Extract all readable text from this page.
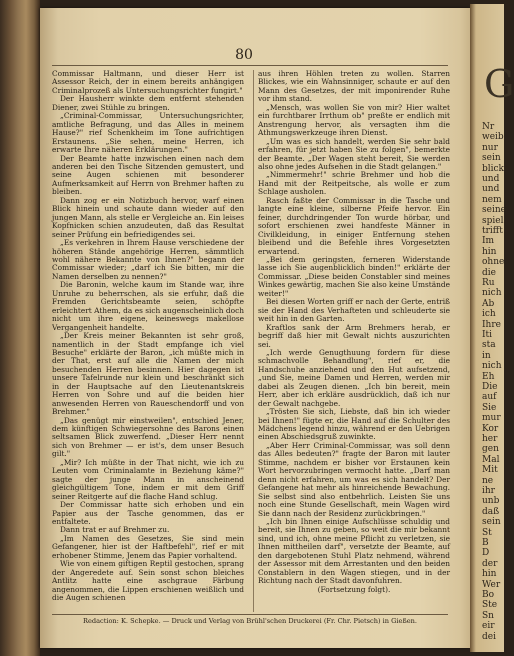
G
Nr
weib
nur
sein
blick
und
und
nem
seine
spiel
trifft
Im
hin
ohne
die
Ru
nich
Ab
ich
Ihre
Iti
sta
in
nich
Eh
Die
auf
Sie
mur
Kor
her
gen
Mal
Mit
ne
ihr
unb
daß
sein
St
B
D
der
hin
Wer
Bo
Ste
Sn
eir
dei
80

Commissar Haltmann, und dieser Herr ist Assessor Reich, der in einem bereits anhängigen Criminalprozeß als Untersuchungsrichter fungirt."

Der Hausherr winkte dem entfernt stehenden Diener, zwei Stühle zu bringen.

„Criminal-Commissar, Untersuchungsrichter, amtliche Befragung, und das Alles in meinem Hause?" rief Schenkheim im Tone aufrichtigen Erstaunens. „Sie sehen, meine Herren, ich erwarte Ihre näheren Erklärungen."

Der Beamte hatte inzwischen einen nach dem anderen bei den Tische Sitzenden gemustert, und seine Augen schienen mit besonderer Aufmerksamkeit auf Herrn von Brehmer haften zu bleiben.

Dann zog er ein Notizbuch hervor, warf einen Blick hinein und schaute dann wieder auf den jungen Mann, als stelle er Vergleiche an. Ein leises Kopfnicken schien anzudeuten, daß das Resultat seiner Prüfung ein befriedigendes sei.

„Es verkehren in Ihrem Hause verschiedene der höheren Stände angehörige Herren, sämmtlich wohl nähere Bekannte von Ihnen?" begann der Commissar wieder; „darf ich Sie bitten, mir die Namen derselben zu nennen?"

Die Baronin, welche kaum im Stande war, ihre Unruhe zu beherrschen, als sie erfuhr, daß die Fremden Gerichtsbeamte seien, schöpfte erleichtert Athem, da es sich augenscheinlich doch nicht um ihre eigene, keineswegs makellose Vergangenheit handelte.

„Der Kreis meiner Bekannten ist sehr groß, namentlich in der Stadt empfange ich viel Besuche" erklärte der Baron, „ich müßte mich in der That, erst auf alle die Namen der mich besuchenden Herren besinnen. Hier dagegen ist unsere Tafelrunde nur klein und beschränkt sich in der Hauptsache auf den Lieutenantskreis Herren von Sohre und auf die beiden hier anwesenden Herren von Raueschendorff und von Brehmer."

„Das genügt mir einstweilen", entschied Jener, dem künftigen Schwiegersohne des Barons einen seltsamen Blick zuwerfend. „Dieser Herr nennt sich von Brehmer — er ist's, dem unser Besuch gilt."

„Mir? Ich müßte in der That nicht, wie ich zu Leuten vom Criminalamte in Beziehung käme?" sagte der junge Mann in anscheinend gleichgültigem Tone, indem er mit dem Griff seiner Reitgerte auf die flache Hand schlug.

Der Commissar hatte sich erhoben und ein Papier aus der Tasche genommen, das er entfaltete.

Dann trat er auf Brehmer zu.

„Im Namen des Gesetzes, Sie sind mein Gefangener, hier ist der Haftbefehl", rief er mit erhobener Stimme, Jenem das Papier vorhaltend.

Wie von einem giftigen Reptil gestochen, sprang der Angeredete auf. Sein sonst schon bleiches Antlitz hatte eine aschgraue Färbung angenommen, die Lippen erschienen weißlich und die Augen schienen

aus ihren Höhlen treten zu wollen. Starren Blickes, wie ein Wahnsinniger, schaute er auf den Mann des Gesetzes, der mit imponirender Ruhe vor ihm stand.

„Mensch, was wollen Sie von mir? Hier waltet ein furchtbarer Irrthum ob" preßte er endlich mit Anstrengung hervor, als versagten ihm die Athmungswerkzeuge ihren Dienst.

„Um was es sich handelt, werden Sie sehr bald erfahren, für jetzt haben Sie zu folgen", bemerkte der Beamte. „Der Wagen steht bereit, Sie werden also ohne jedes Aufsehen in die Stadt gelangen."

„Nimmermehr!" schrie Brehmer und hob die Hand mit der Reitpeitsche, als wolle er zum Schlage ausholen.

Rasch faßte der Commissar in die Tasche und langte eine kleine, silberne Pfeife hervor. Ein feiner, durchdringender Ton wurde hörbar, und sofort erschienen zwei handfeste Männer in Civilkleidung, in einiger Entfernung stehen bleibend und die Befehle ihres Vorgesetzten erwartend.

„Bei dem geringsten, ferneren Widerstande lasse ich Sie augenblicklich binden!" erklärte der Commissar. „Diese beiden Constabler sind meines Winkes gewärtig, machen Sie also keine Umstände weiter!"

Bei diesen Worten griff er nach der Gerte, entriß sie der Hand des Verhafteten und schleuderte sie weit hin in den Garten.

Kraftlos sank der Arm Brehmers herab, er begriff daß hier mit Gewalt nichts auszurichten sei.

„Ich werde Genugthuung fordern für diese schmachvolle Behandlung", rief er, die Handschuhe anziehend und den Hut aufsetzend, „und Sie, meine Damen und Herren, werden mir dabei als Zeugen dienen. „Ich bin bereit, mein Herr, aber ich erkläre ausdrücklich, daß ich nur der Gewalt nachgebe.

„Trösten Sie sich, Liebste, daß bin ich wieder bei Ihnen!" fügte er, die Hand auf die Schulter des Mädchens legend hinzu, während er den Uebrigen einen Abschiedsgruß zuwinkte.

„Aber Herr Criminal-Commissar, was soll denn das Alles bedeuten?" fragte der Baron mit lauter Stimme, nachdem er bisher vor Erstaunen kein Wort hervorzubringen vermocht hatte. „Darf man denn nicht erfahren, um was es sich handelt? Der Gefangene hat mehr als hinreichende Bewachung. Sie selbst sind also entbehrlich. Leisten Sie uns noch eine Stunde Gesellschaft, mein Wagen wird Sie dann nach der Residenz zurückbringen."

„Ich bin Ihnen einige Aufschlüsse schuldig und bereit, sie Ihnen zu geben, so weit die mir bekannt sind, und ich, ohne meine Pflicht zu verletzen, sie Ihnen mittheilen darf", versetzte der Beamte, auf den dargebotenen Stuhl Platz nehmend, während der Assessor mit dem Arrestanten und den beiden Constablern in den Wagen stiegen, und in der Richtung nach der Stadt davonfuhren.

(Fortsetzung folgt).

Redaction: K. Schepke. — Druck und Verlag von Brühl'schen Druckerei (Fr. Chr. Pietsch) in Gießen.
